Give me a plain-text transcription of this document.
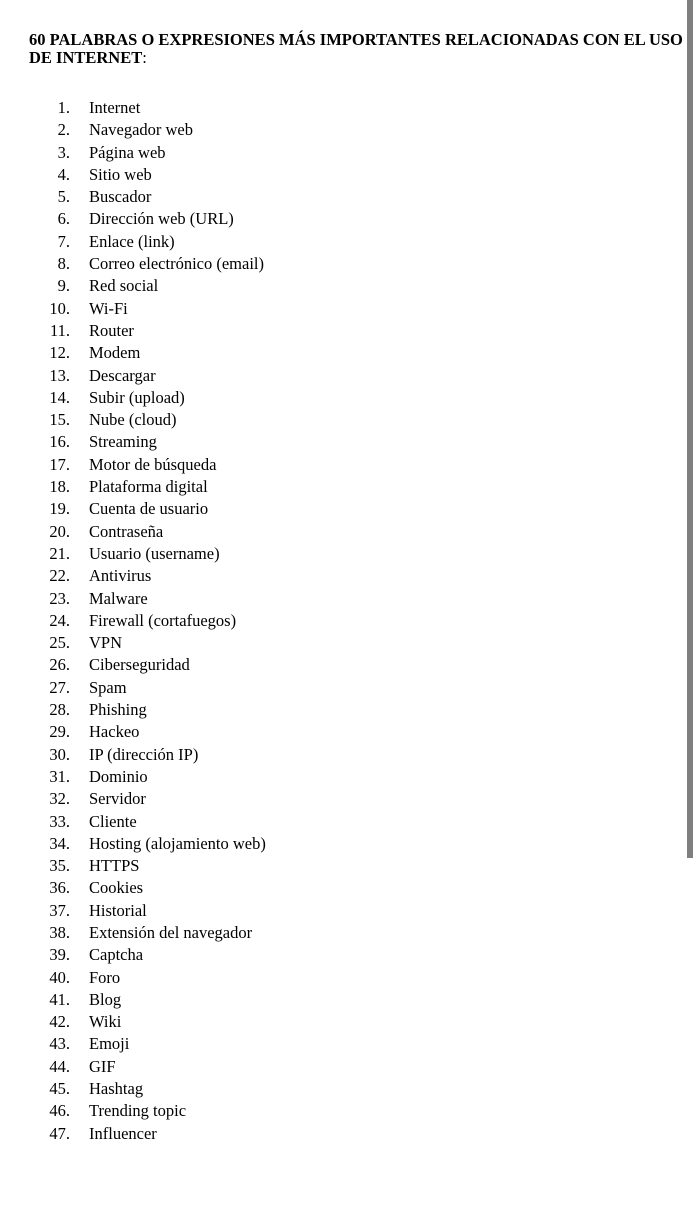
60 PALABRAS O EXPRESIONES MÁS IMPORTANTES RELACIONADAS CON EL USO DE INTERNET:
1. Internet
2. Navegador web
3. Página web
4. Sitio web
5. Buscador
6. Dirección web (URL)
7. Enlace (link)
8. Correo electrónico (email)
9. Red social
10. Wi-Fi
11. Router
12. Modem
13. Descargar
14. Subir (upload)
15. Nube (cloud)
16. Streaming
17. Motor de búsqueda
18. Plataforma digital
19. Cuenta de usuario
20. Contraseña
21. Usuario (username)
22. Antivirus
23. Malware
24. Firewall (cortafuegos)
25. VPN
26. Ciberseguridad
27. Spam
28. Phishing
29. Hackeo
30. IP (dirección IP)
31. Dominio
32. Servidor
33. Cliente
34. Hosting (alojamiento web)
35. HTTPS
36. Cookies
37. Historial
38. Extensión del navegador
39. Captcha
40. Foro
41. Blog
42. Wiki
43. Emoji
44. GIF
45. Hashtag
46. Trending topic
47. Influencer
